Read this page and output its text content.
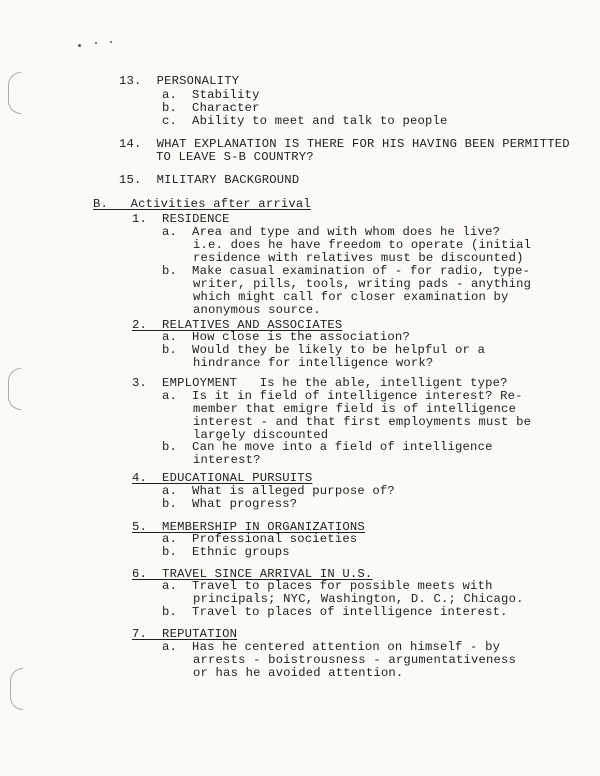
13.  PERSONALITY
a.  Stability
b.  Character
c.  Ability to meet and talk to people
14.  WHAT EXPLANATION IS THERE FOR HIS HAVING BEEN PERMITTED
TO LEAVE S-B COUNTRY?
15.  MILITARY BACKGROUND
B.   Activities after arrival
1.  RESIDENCE
a.  Area and type and with whom does he live?
i.e. does he have freedom to operate (initial
residence with relatives must be discounted)
b.  Make casual examination of - for radio, type-
writer, pills, tools, writing pads - anything
which might call for closer examination by
anonymous source.
2.  RELATIVES AND ASSOCIATES
a.  How close is the association?
b.  Would they be likely to be helpful or a
hindrance for intelligence work?
3.  EMPLOYMENT   Is he the able, intelligent type?
a.  Is it in field of intelligence interest? Re-
member that emigre field is of intelligence
interest - and that first employments must be
largely discounted
b.  Can he move into a field of intelligence
interest?
4.  EDUCATIONAL PURSUITS
a.  What is alleged purpose of?
b.  What progress?
5.  MEMBERSHIP IN ORGANIZATIONS
a.  Professional societies
b.  Ethnic groups
6.  TRAVEL SINCE ARRIVAL IN U.S.
a.  Travel to places for possible meets with
principals; NYC, Washington, D. C.; Chicago.
b.  Travel to places of intelligence interest.
7.  REPUTATION
a.  Has he centered attention on himself - by
arrests - boistrousness - argumentativeness
or has he avoided attention.
